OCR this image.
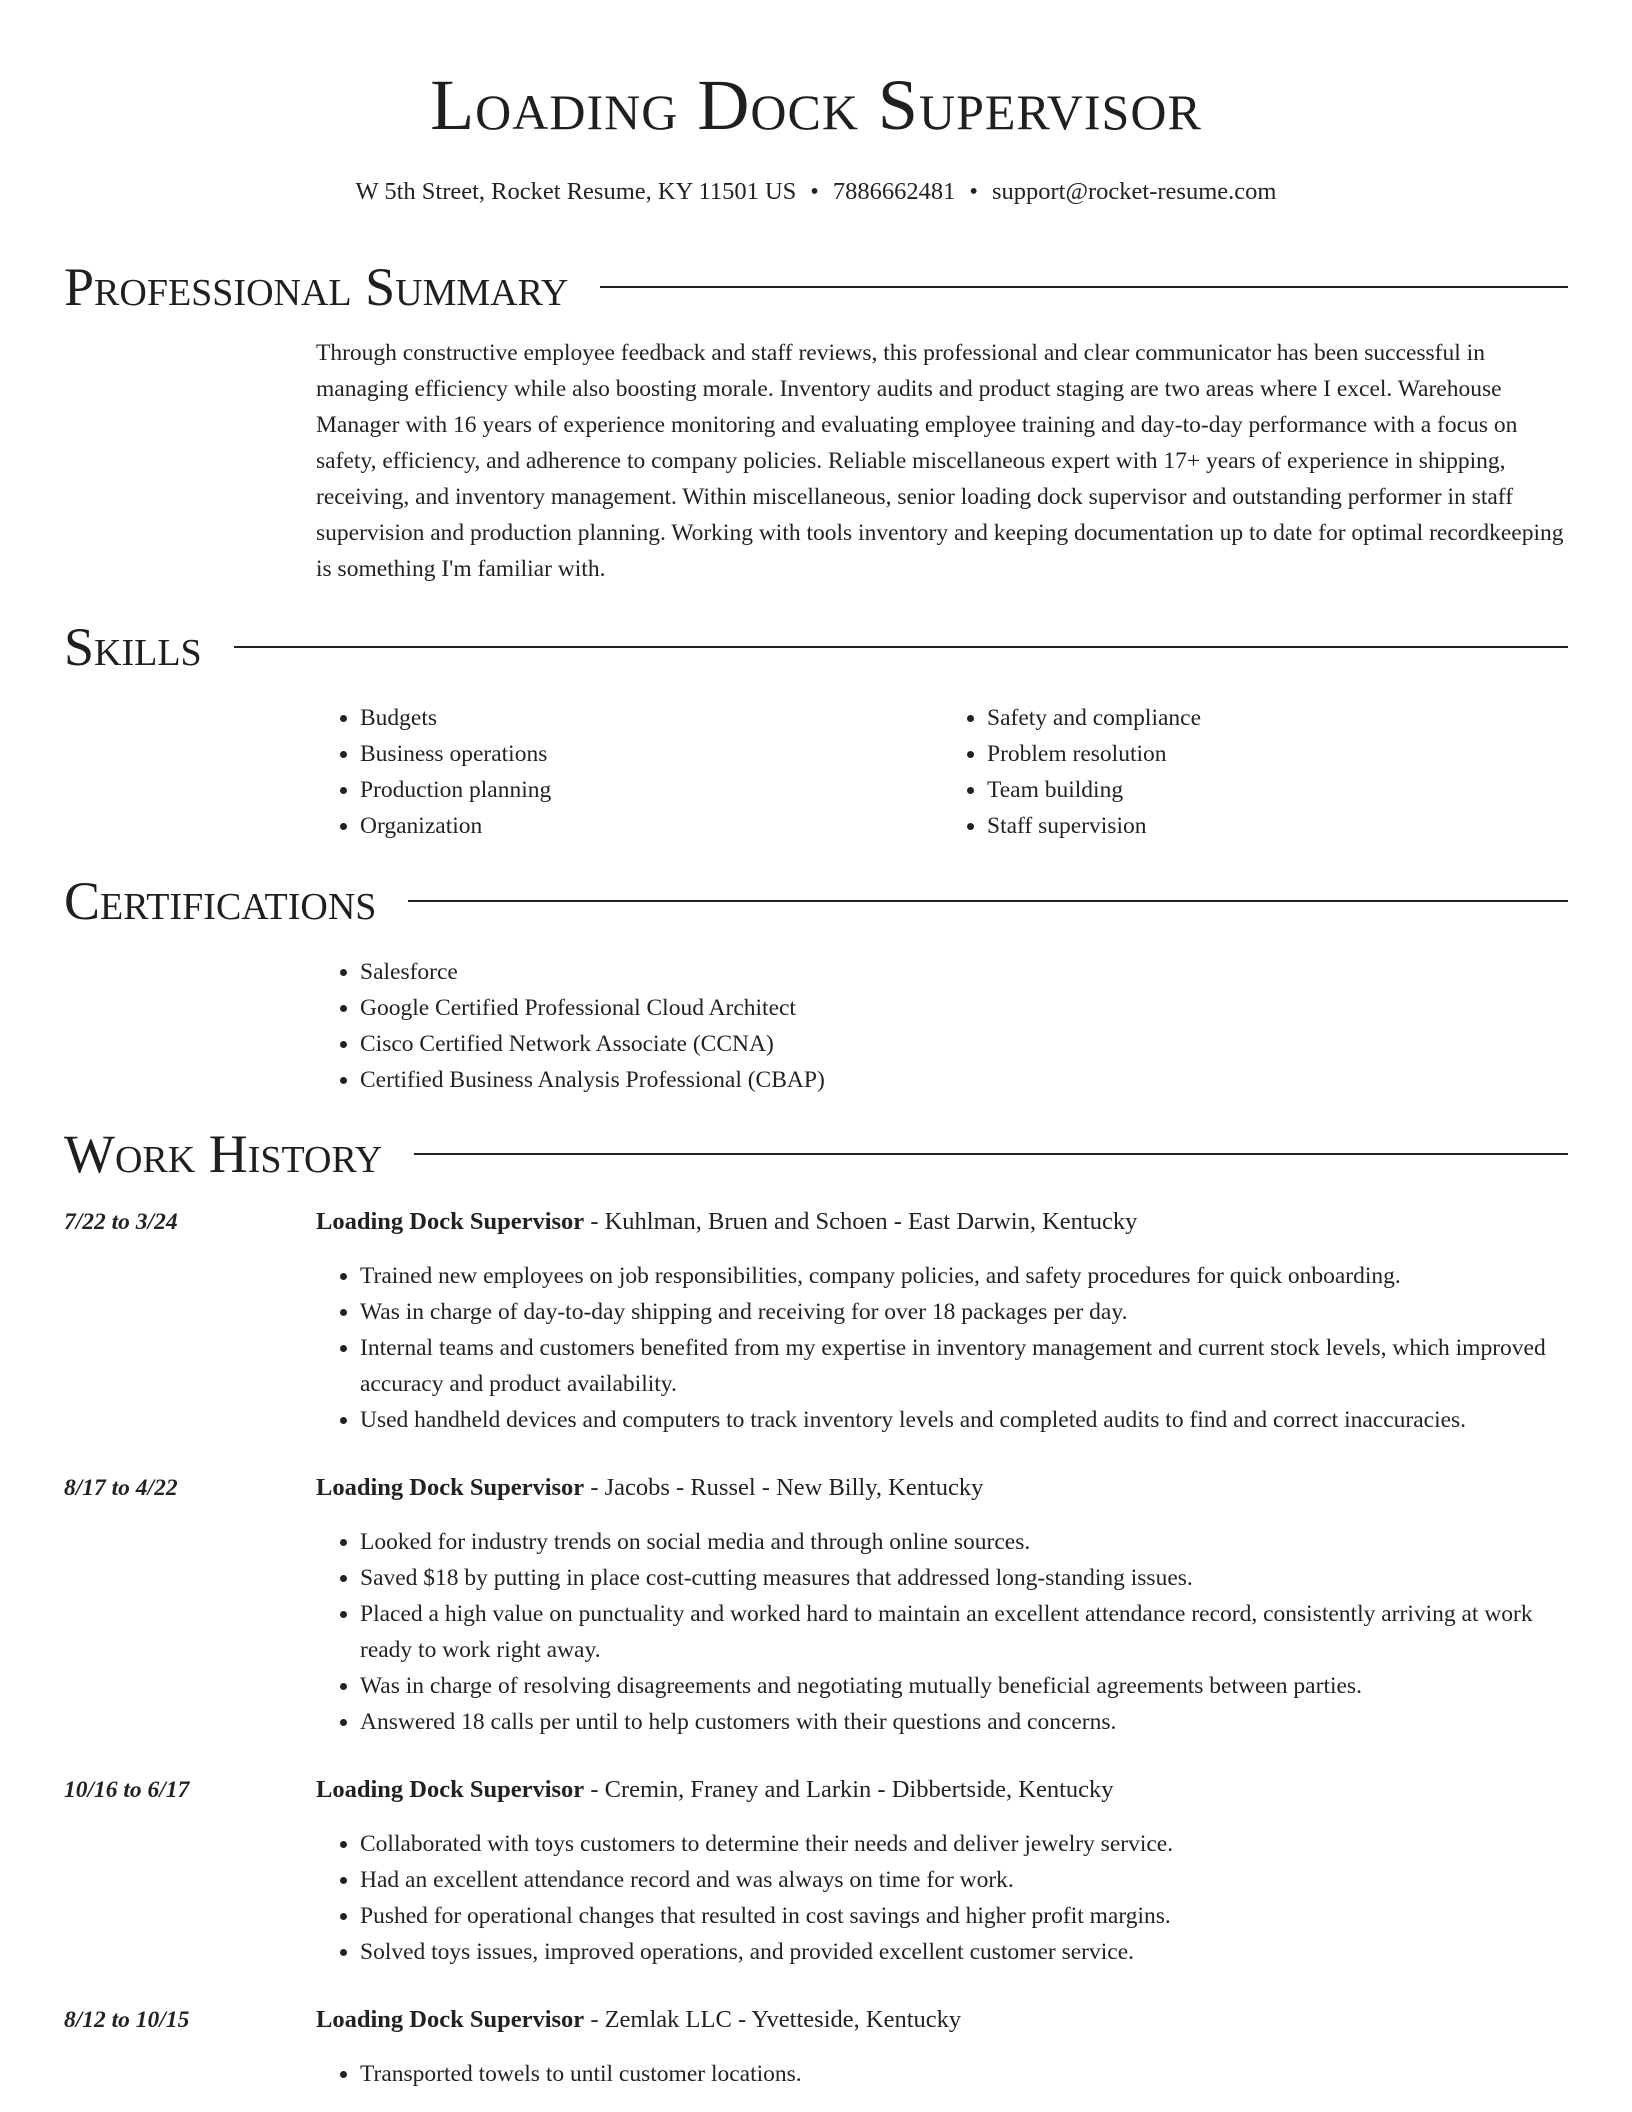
Loading Dock Supervisor
W 5th Street, Rocket Resume, KY 11501 US • 7886662481 • support@rocket-resume.com
Professional Summary
Through constructive employee feedback and staff reviews, this professional and clear communicator has been successful in managing efficiency while also boosting morale. Inventory audits and product staging are two areas where I excel. Warehouse Manager with 16 years of experience monitoring and evaluating employee training and day-to-day performance with a focus on safety, efficiency, and adherence to company policies. Reliable miscellaneous expert with 17+ years of experience in shipping, receiving, and inventory management. Within miscellaneous, senior loading dock supervisor and outstanding performer in staff supervision and production planning. Working with tools inventory and keeping documentation up to date for optimal recordkeeping is something I'm familiar with.
Skills
• Budgets
• Business operations
• Production planning
• Organization
• Safety and compliance
• Problem resolution
• Team building
• Staff supervision
Certifications
• Salesforce
• Google Certified Professional Cloud Architect
• Cisco Certified Network Associate (CCNA)
• Certified Business Analysis Professional (CBAP)
Work History
7/22 to 3/24	Loading Dock Supervisor - Kuhlman, Bruen and Schoen - East Darwin, Kentucky
• Trained new employees on job responsibilities, company policies, and safety procedures for quick onboarding.
• Was in charge of day-to-day shipping and receiving for over 18 packages per day.
• Internal teams and customers benefited from my expertise in inventory management and current stock levels, which improved accuracy and product availability.
• Used handheld devices and computers to track inventory levels and completed audits to find and correct inaccuracies.
8/17 to 4/22	Loading Dock Supervisor - Jacobs - Russel - New Billy, Kentucky
• Looked for industry trends on social media and through online sources.
• Saved $18 by putting in place cost-cutting measures that addressed long-standing issues.
• Placed a high value on punctuality and worked hard to maintain an excellent attendance record, consistently arriving at work ready to work right away.
• Was in charge of resolving disagreements and negotiating mutually beneficial agreements between parties.
• Answered 18 calls per until to help customers with their questions and concerns.
10/16 to 6/17	Loading Dock Supervisor - Cremin, Franey and Larkin - Dibbertside, Kentucky
• Collaborated with toys customers to determine their needs and deliver jewelry service.
• Had an excellent attendance record and was always on time for work.
• Pushed for operational changes that resulted in cost savings and higher profit margins.
• Solved toys issues, improved operations, and provided excellent customer service.
8/12 to 10/15	Loading Dock Supervisor - Zemlak LLC - Yvetteside, Kentucky
• Transported towels to until customer locations.
